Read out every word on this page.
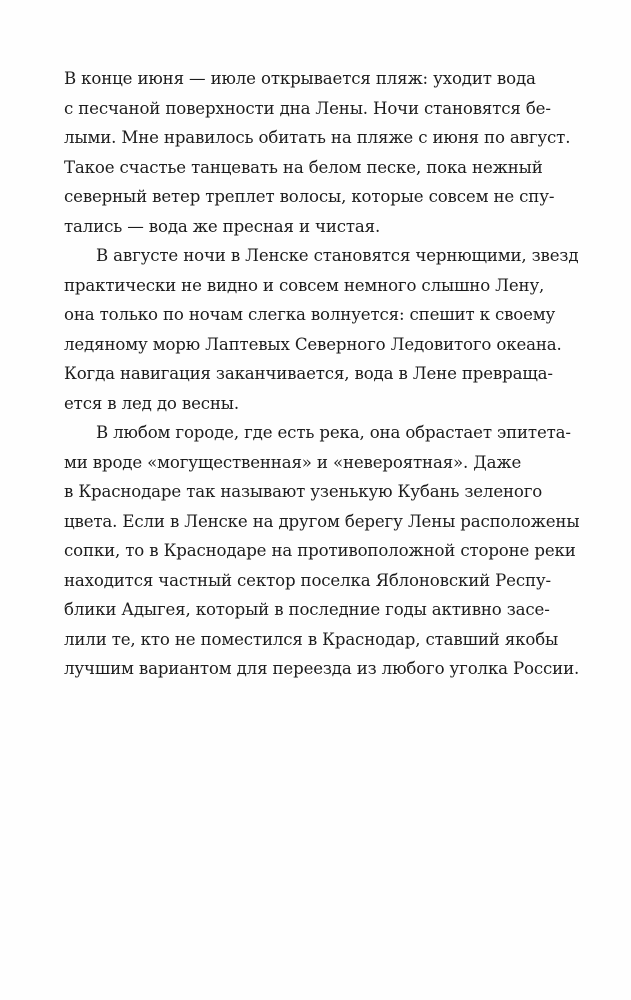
В конце июня — июле открывается пляж: уходит вода
с песчаной поверхности дна Лены. Ночи становятся бе-
лыми. Мне нравилось обитать на пляже с июня по август.
Такое счастье танцевать на белом песке, пока нежный
северный ветер треплет волосы, которые совсем не спу-
тались — вода же пресная и чистая.
В августе ночи в Ленске становятся чернющими, звезд
практически не видно и совсем немного слышно Лену,
она только по ночам слегка волнуется: спешит к своему
ледяному морю Лаптевых Северного Ледовитого океана.
Когда навигация заканчивается, вода в Лене превраща-
ется в лед до весны.
В любом городе, где есть река, она обрастает эпитета-
ми вроде «могущественная» и «невероятная». Даже
в Краснодаре так называют узенькую Кубань зеленого
цвета. Если в Ленске на другом берегу Лены расположены
сопки, то в Краснодаре на противоположной стороне реки
находится частный сектор поселка Яблоновский Респу-
блики Адыгея, который в последние годы активно засе-
лили те, кто не поместился в Краснодар, ставший якобы
лучшим вариантом для переезда из любого уголка России.
